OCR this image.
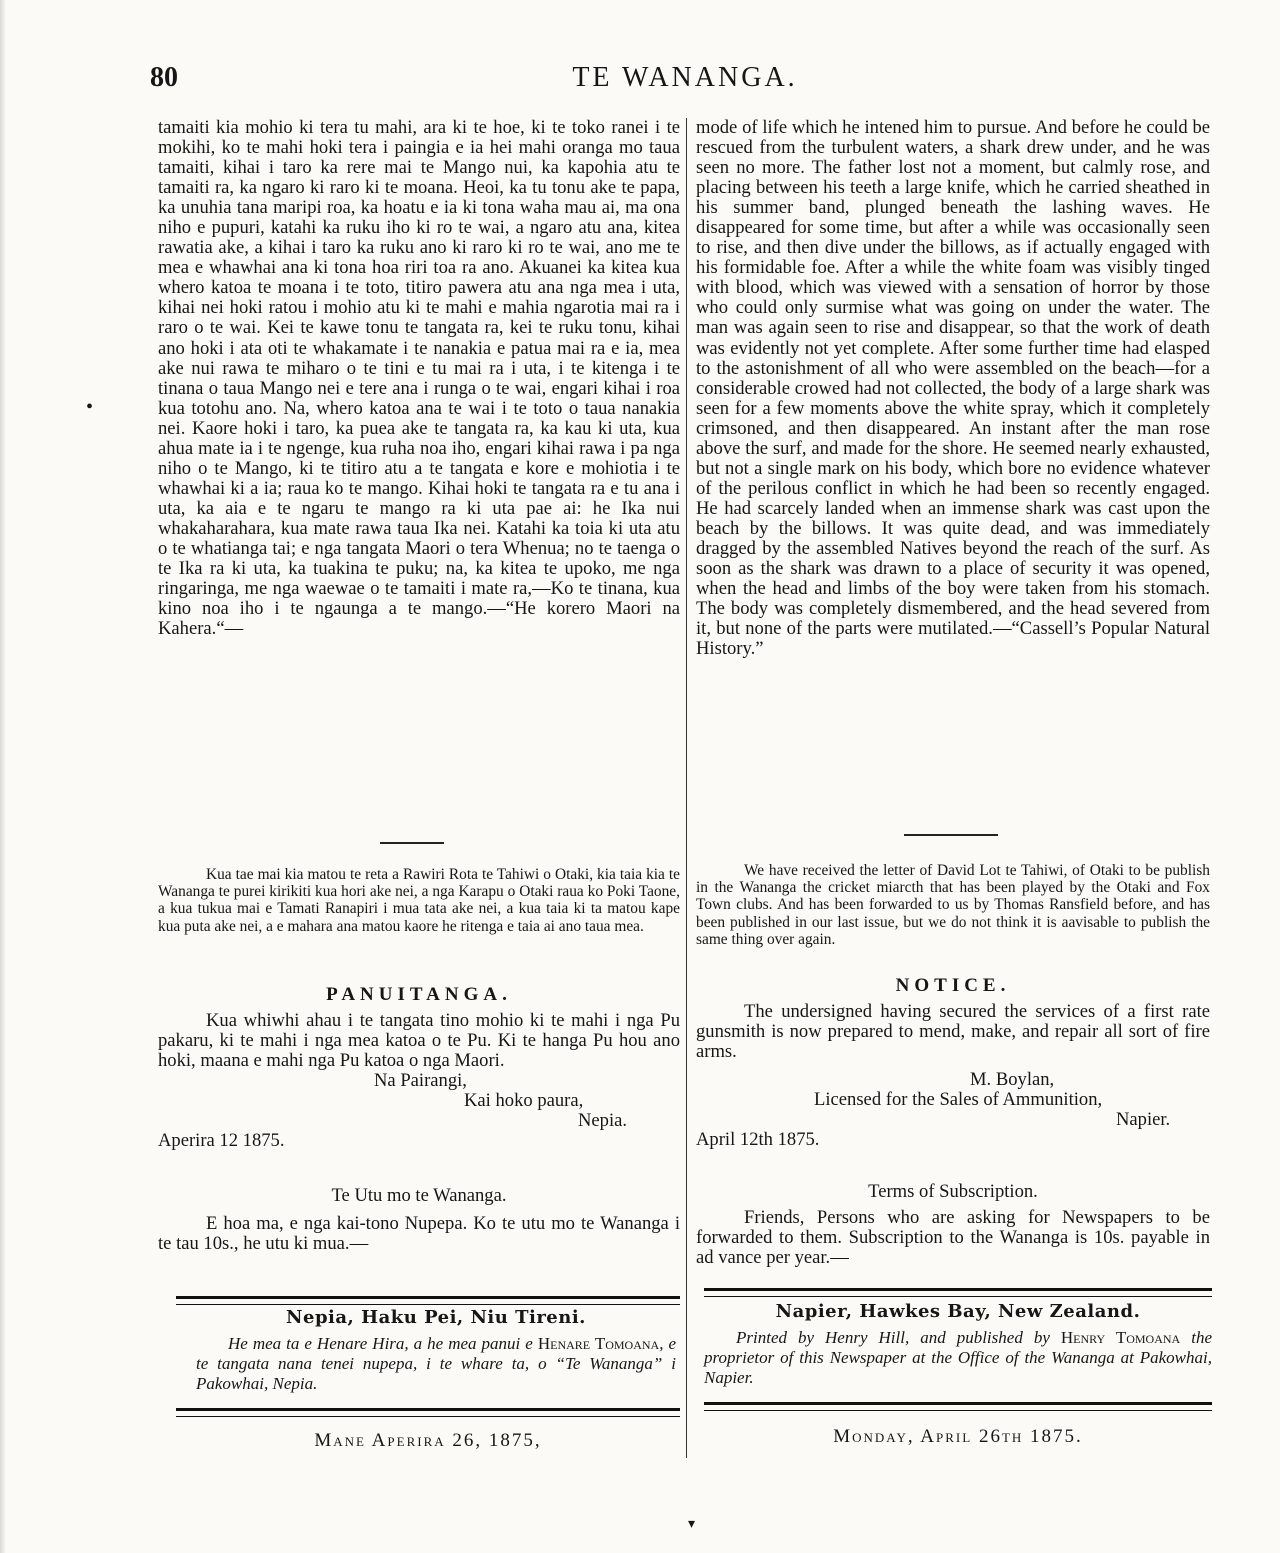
80	TE WANANGA.

tamaiti kia mohio ki tera tu mahi, ara ki te hoe, ki te toko ranei i te mokihi, ko te mahi hoki tera i paingia e ia hei mahi oranga mo taua tamaiti, kihai i taro ka rere mai te Mango nui, ka kapohia atu te tamaiti ra, ka ngaro ki raro ki te moana. Heoi, ka tu tonu ake te papa, ka unuhia tana maripi roa, ka hoatu e ia ki tona waha mau ai, ma ona niho e pupuri, katahi ka ruku iho ki ro te wai, a ngaro atu ana, kitea rawatia ake, a kihai i taro ka ruku ano ki raro ki ro te wai, ano me te mea e whawhai ana ki tona hoa riri toa ra ano. Akuanei ka kitea kua whero katoa te moana i te toto, titiro pawera atu ana nga mea i uta, kihai nei hoki ratou i mohio atu ki te mahi e mahia ngarotia mai ra i raro o te wai. Kei te kawe tonu te tangata ra, kei te ruku tonu, kihai ano hoki i ata oti te whakamate i te nanakia e patua mai ra e ia, mea ake nui rawa te miharo o te tini e tu mai ra i uta, i te kitenga i te tinana o taua Mango nei e tere ana i runga o te wai, engari kihai i roa kua totohu ano. Na, whero katoa ana te wai i te toto o taua nanakia nei. Kaore hoki i taro, ka puea ake te tangata ra, ka kau ki uta, kua ahua mate ia i te ngenge, kua ruha noa iho, engari kihai rawa i pa nga niho o te Mango, ki te titiro atu a te tangata e kore e mohiotia i te whawhai ki a ia; raua ko te mango. Kihai hoki te tangata ra e tu ana i uta, ka aia e te ngaru te mango ra ki uta pae ai: he Ika nui whakaharahara, kua mate rawa taua Ika nei. Katahi ka toia ki uta atu o te whatianga tai; e nga tangata Maori o tera Whenua; no te taenga o te Ika ra ki uta, ka tuakina te puku; na, ka kitea te upoko, me nga ringaringa, me nga waewae o te tamaiti i mate ra,—Ko te tinana, kua kino noa iho i te ngaunga a te mango.—“He korero Maori na Kahera.“—

mode of life which he intened him to pursue. And before he could be rescued from the turbulent waters, a shark drew under, and he was seen no more. The father lost not a moment, but calmly rose, and placing between his teeth a large knife, which he carried sheathed in his summer band, plunged beneath the lashing waves. He disappeared for some time, but after a while was occasionally seen to rise, and then dive under the billows, as if actually engaged with his formidable foe. After a while the white foam was visibly tinged with blood, which was viewed with a sensation of horror by those who could only surmise what was going on under the water. The man was again seen to rise and disappear, so that the work of death was evidently not yet complete. After some further time had elasped to the astonishment of all who were assembled on the beach—for a considerable crowed had not collected, the body of a large shark was seen for a few moments above the white spray, which it completely crimsoned, and then disappeared. An instant after the man rose above the surf, and made for the shore. He seemed nearly exhausted, but not a single mark on his body, which bore no evidence whatever of the perilous conflict in which he had been so recently engaged. He had scarcely landed when an immense shark was cast upon the beach by the billows. It was quite dead, and was immediately dragged by the assembled Natives beyond the reach of the surf. As soon as the shark was drawn to a place of security it was opened, when the head and limbs of the boy were taken from his stomach. The body was completely dismembered, and the head severed from it, but none of the parts were mutilated.—“Cassell’s Popular Natural History.”

Kua tae mai kia matou te reta a Rawiri Rota te Tahiwi o Otaki, kia taia kia te Wananga te purei kirikiti kua hori ake nei, a nga Karapu o Otaki raua ko Poki Taone, a kua tukua mai e Tamati Ranapiri i mua tata ake nei, a kua taia ki ta matou kape kua puta ake nei, a e mahara ana matou kaore he ritenga e taia ai ano taua mea.

We have received the letter of David Lot te Tahiwi, of Otaki to be publish in the Wananga the cricket miarcth that has been played by the Otaki and Fox Town clubs. And has been forwarded to us by Thomas Ransfield before, and has been published in our last issue, but we do not think it is aavisable to publish the same thing over again.

PANUITANGA.

Kua whiwhi ahau i te tangata tino mohio ki te mahi i nga Pu pakaru, ki te mahi i nga mea katoa o te Pu. Ki te hanga Pu hou ano hoki, maana e mahi nga Pu katoa o nga Maori.

Na Pairangi,
Kai hoko paura,
Nepia.
Aperira 12 1875.
NOTICE.

The undersigned having secured the services of a first rate gunsmith is now prepared to mend, make, and repair all sort of fire arms.

M. Boylan,
Licensed for the Sales of Ammunition,
Napier.
April 12th 1875.
Te Utu mo te Wananga.

E hoa ma, e nga kai-tono Nupepa. Ko te utu mo te Wananga i te tau 10s., he utu ki mua.—

Terms of Subscription.

Friends, Persons who are asking for Newspapers to be forwarded to them. Subscription to the Wananga is 10s. payable in ad vance per year.—

Nepia, Haku Pei, Niu Tireni.

He mea ta e Henare Hira, a he mea panui e Henare Tomoana, e te tangata nana tenei nupepa, i te whare ta, o “Te Wananga” i Pakowhai, Nepia.

Napier, Hawkes Bay, New Zealand.

Printed by Henry Hill, and published by Henry Tomoana the proprietor of this Newspaper at the Office of the Wananga at Pakowhai, Napier.

Mane Aperira 26, 1875,	Monday, April 26th 1875.
•
▾
